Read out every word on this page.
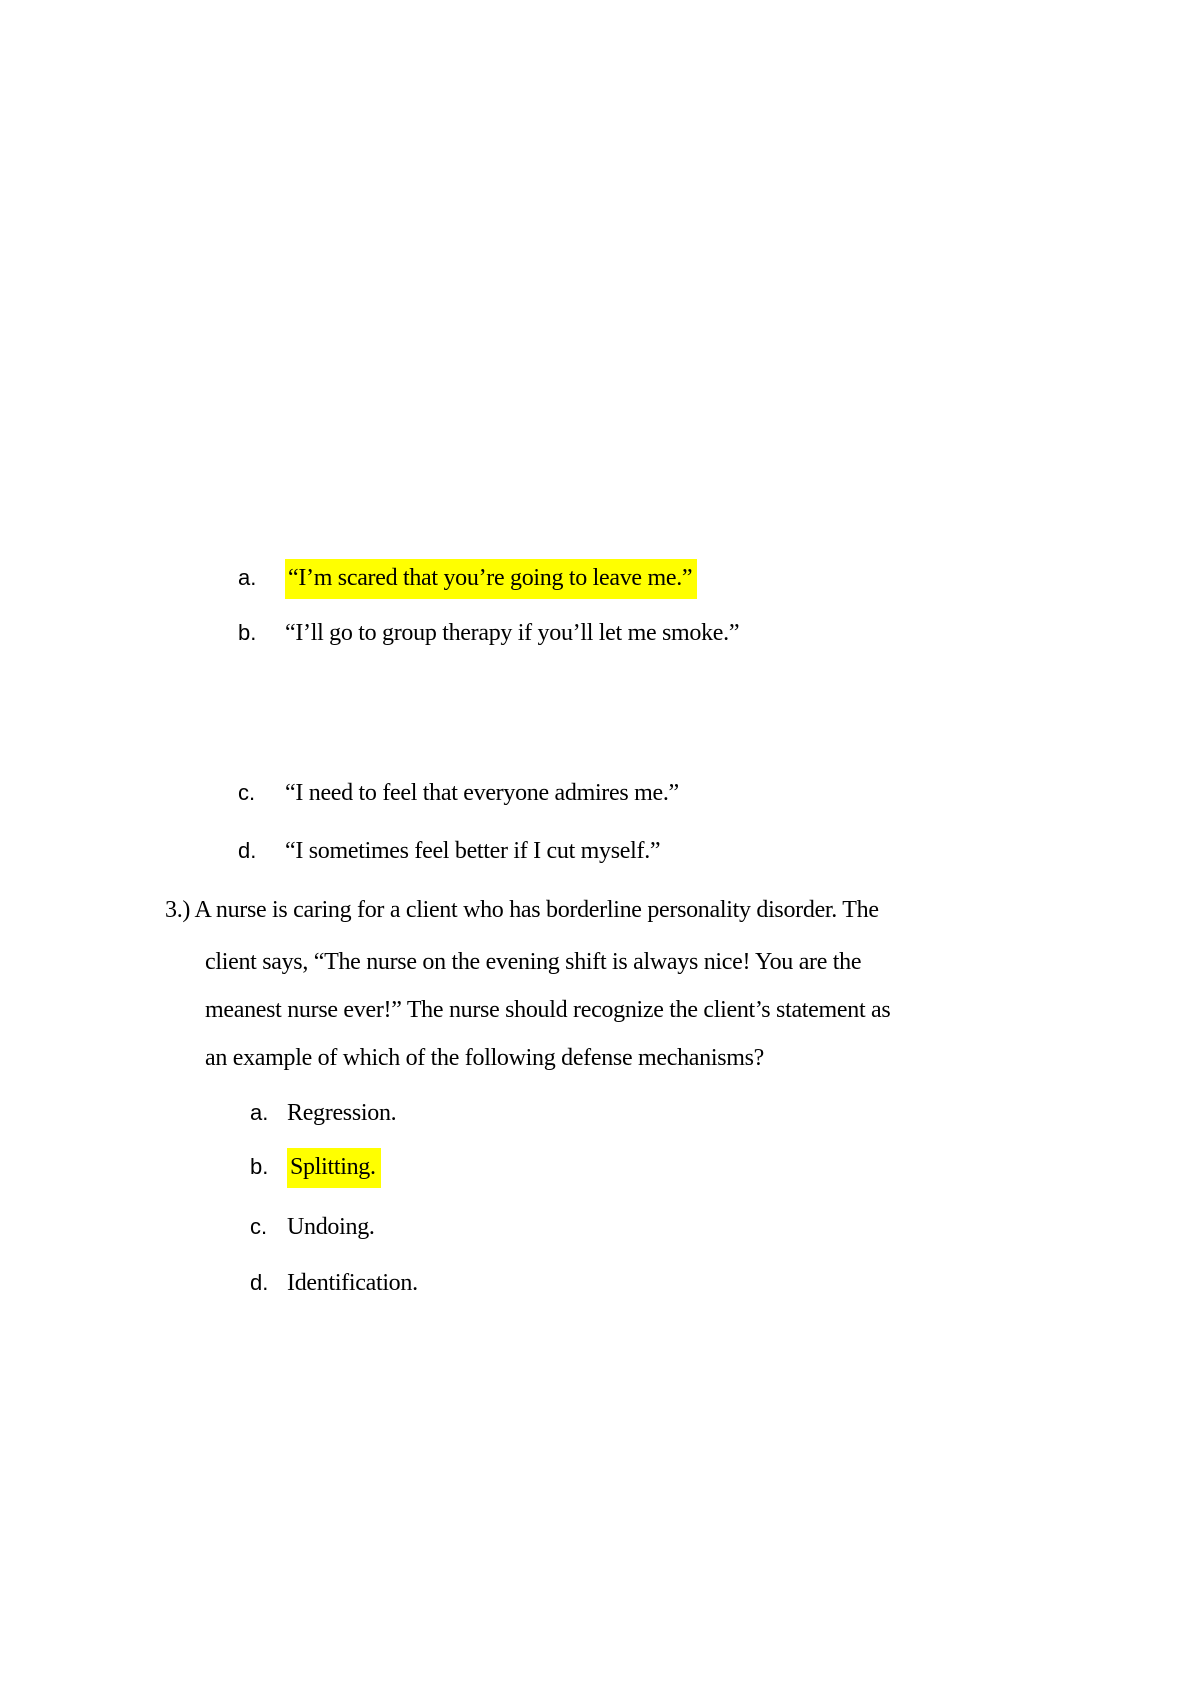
a. “I’m scared that you’re going to leave me.”
b. “I’ll go to group therapy if you’ll let me smoke.”
c. “I need to feel that everyone admires me.”
d. “I sometimes feel better if I cut myself.”
3.) A nurse is caring for a client who has borderline personality disorder. The
client says, “The nurse on the evening shift is always nice! You are the
meanest nurse ever!” The nurse should recognize the client’s statement as
an example of which of the following defense mechanisms?
a. Regression.
b. Splitting.
c. Undoing.
d. Identification.
